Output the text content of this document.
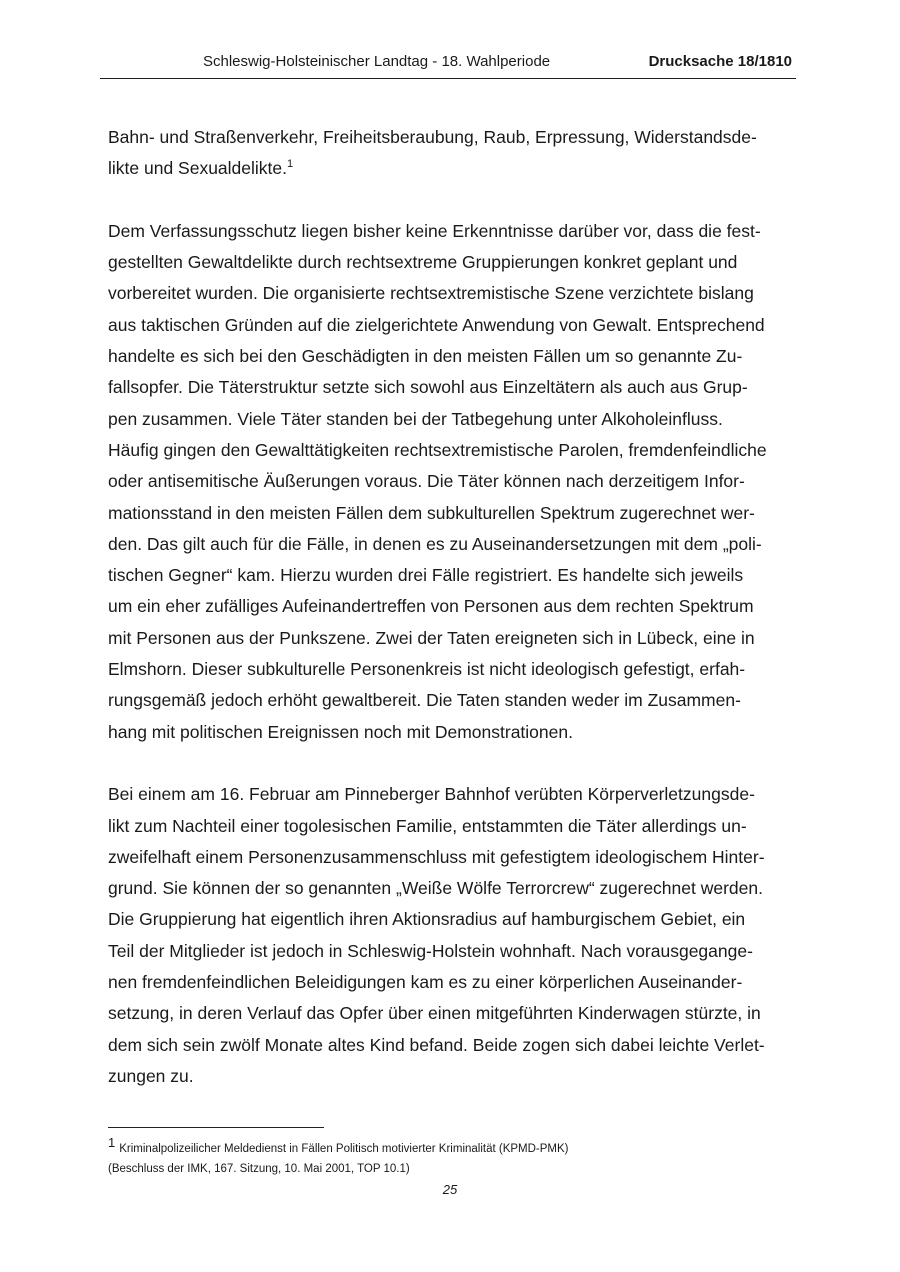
Schleswig-Holsteinischer Landtag - 18. Wahlperiode	Drucksache 18/1810

Bahn- und Straßenverkehr, Freiheitsberaubung, Raub, Erpressung, Widerstandsde-
likte und Sexualdelikte.$^1$

Dem Verfassungsschutz liegen bisher keine Erkenntnisse darüber vor, dass die fest-
gestellten Gewaltdelikte durch rechtsextreme Gruppierungen konkret geplant und
vorbereitet wurden. Die organisierte rechtsextremistische Szene verzichtete bislang
aus taktischen Gründen auf die zielgerichtete Anwendung von Gewalt. Entsprechend
handelte es sich bei den Geschädigten in den meisten Fällen um so genannte Zu-
fallsopfer. Die Täterstruktur setzte sich sowohl aus Einzeltätern als auch aus Grup-
pen zusammen. Viele Täter standen bei der Tatbegehung unter Alkoholeinfluss.
Häufig gingen den Gewalttätigkeiten rechtsextremistische Parolen, fremdenfeindliche
oder antisemitische Äußerungen voraus. Die Täter können nach derzeitigem Infor-
mationsstand in den meisten Fällen dem subkulturellen Spektrum zugerechnet wer-
den. Das gilt auch für die Fälle, in denen es zu Auseinandersetzungen mit dem „poli-
tischen Gegner“ kam. Hierzu wurden drei Fälle registriert. Es handelte sich jeweils
um ein eher zufälliges Aufeinandertreffen von Personen aus dem rechten Spektrum
mit Personen aus der Punkszene. Zwei der Taten ereigneten sich in Lübeck, eine in
Elmshorn. Dieser subkulturelle Personenkreis ist nicht ideologisch gefestigt, erfah-
rungsgemäß jedoch erhöht gewaltbereit. Die Taten standen weder im Zusammen-
hang mit politischen Ereignissen noch mit Demonstrationen.

Bei einem am 16. Februar am Pinneberger Bahnhof verübten Körperverletzungsde-
likt zum Nachteil einer togolesischen Familie, entstammten die Täter allerdings un-
zweifelhaft einem Personenzusammenschluss mit gefestigtem ideologischem Hinter-
grund. Sie können der so genannten „Weiße Wölfe Terrorcrew“ zugerechnet werden.
Die Gruppierung hat eigentlich ihren Aktionsradius auf hamburgischem Gebiet, ein
Teil der Mitglieder ist jedoch in Schleswig-Holstein wohnhaft. Nach vorausgegange-
nen fremdenfeindlichen Beleidigungen kam es zu einer körperlichen Auseinander-
setzung, in deren Verlauf das Opfer über einen mitgeführten Kinderwagen stürzte, in
dem sich sein zwölf Monate altes Kind befand. Beide zogen sich dabei leichte Verlet-
zungen zu.

1 Kriminalpolizeilicher Meldedienst in Fällen Politisch motivierter Kriminalität (KPMD-PMK)
(Beschluss der IMK, 167. Sitzung, 10. Mai 2001, TOP 10.1)
25
